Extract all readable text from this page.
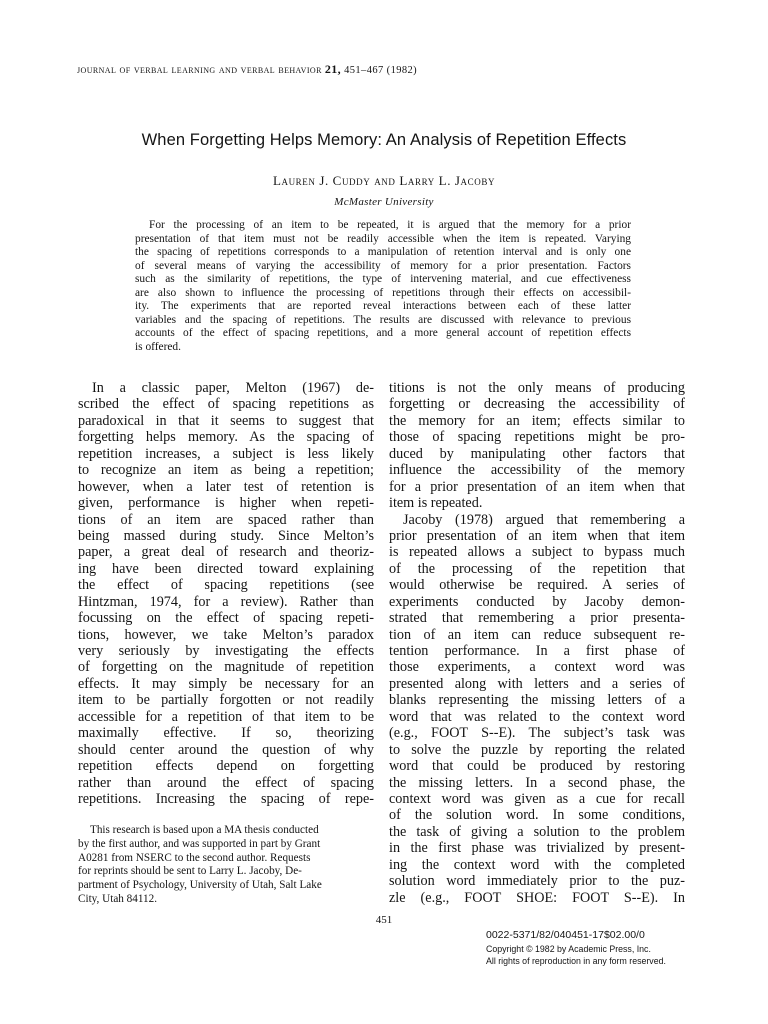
journal of verbal learning and verbal behavior 21, 451–467 (1982)
When Forgetting Helps Memory: An Analysis of Repetition Effects
Lauren J. Cuddy and Larry L. Jacoby
McMaster University
For the processing of an item to be repeated, it is argued that the memory for a prior
presentation of that item must not be readily accessible when the item is repeated. Varying
the spacing of repetitions corresponds to a manipulation of retention interval and is only one
of several means of varying the accessibility of memory for a prior presentation. Factors
such as the similarity of repetitions, the type of intervening material, and cue effectiveness
are also shown to influence the processing of repetitions through their effects on accessibil-
ity. The experiments that are reported reveal interactions between each of these latter
variables and the spacing of repetitions. The results are discussed with relevance to previous
accounts of the effect of spacing repetitions, and a more general account of repetition effects
is offered.
In a classic paper, Melton (1967) de-
scribed the effect of spacing repetitions as
paradoxical in that it seems to suggest that
forgetting helps memory. As the spacing of
repetition increases, a subject is less likely
to recognize an item as being a repetition;
however, when a later test of retention is
given, performance is higher when repeti-
tions of an item are spaced rather than
being massed during study. Since Melton’s
paper, a great deal of research and theoriz-
ing have been directed toward explaining
the effect of spacing repetitions (see
Hintzman, 1974, for a review). Rather than
focussing on the effect of spacing repeti-
tions, however, we take Melton’s paradox
very seriously by investigating the effects
of forgetting on the magnitude of repetition
effects. It may simply be necessary for an
item to be partially forgotten or not readily
accessible for a repetition of that item to be
maximally effective. If so, theorizing
should center around the question of why
repetition effects depend on forgetting
rather than around the effect of spacing
repetitions. Increasing the spacing of repe-
This research is based upon a MA thesis conducted
by the first author, and was supported in part by Grant
A0281 from NSERC to the second author. Requests
for reprints should be sent to Larry L. Jacoby, De-
partment of Psychology, University of Utah, Salt Lake
City, Utah 84112.
titions is not the only means of producing
forgetting or decreasing the accessibility of
the memory for an item; effects similar to
those of spacing repetitions might be pro-
duced by manipulating other factors that
influence the accessibility of the memory
for a prior presentation of an item when that
item is repeated.
Jacoby (1978) argued that remembering a
prior presentation of an item when that item
is repeated allows a subject to bypass much
of the processing of the repetition that
would otherwise be required. A series of
experiments conducted by Jacoby demon-
strated that remembering a prior presenta-
tion of an item can reduce subsequent re-
tention performance. In a first phase of
those experiments, a context word was
presented along with letters and a series of
blanks representing the missing letters of a
word that was related to the context word
(e.g., FOOT S--E). The subject’s task was
to solve the puzzle by reporting the related
word that could be produced by restoring
the missing letters. In a second phase, the
context word was given as a cue for recall
of the solution word. In some conditions,
the task of giving a solution to the problem
in the first phase was trivialized by present-
ing the context word with the completed
solution word immediately prior to the puz-
zle (e.g., FOOT SHOE: FOOT S--E). In
451
0022-5371/82/040451-17$02.00/0
Copyright © 1982 by Academic Press, Inc.
All rights of reproduction in any form reserved.
